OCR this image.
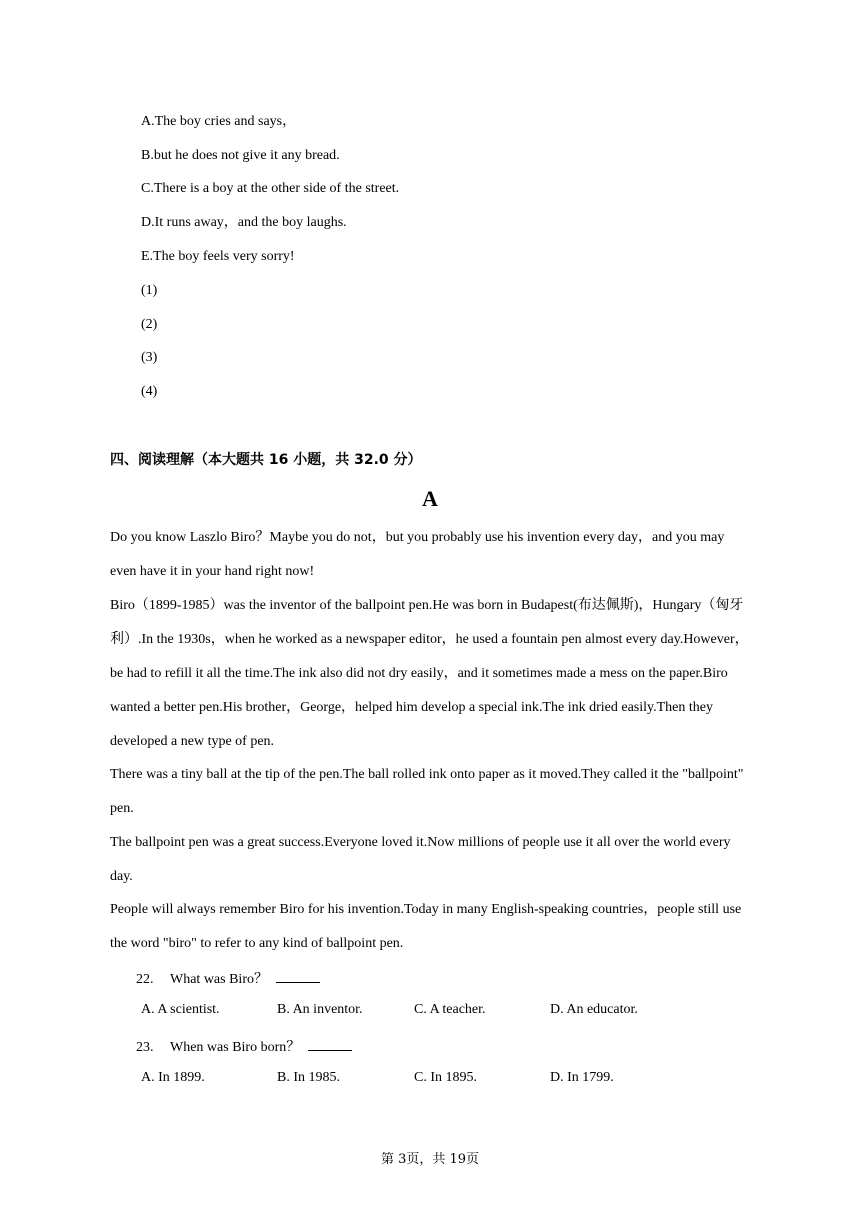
A.The boy cries and says，
B.but he does not give it any bread.
C.There is a boy at the other side of the street.
D.It runs away，and the boy laughs.
E.The boy feels very sorry!
(1)
(2)
(3)
(4)
四、阅读理解（本大题共 16 小题，共 32.0 分）
A
Do you know Laszlo Biro？Maybe you do not，but you probably use his invention every day，and you may even have it in your hand right now!
Biro（1899-1985）was the inventor of the ballpoint pen.He was born in Budapest(布达佩斯)，Hungary（匈牙利）.In the 1930s，when he worked as a newspaper editor，he used a fountain pen almost every day.However，be had to refill it all the time.The ink also did not dry easily，and it sometimes made a mess on the paper.Biro wanted a better pen.His brother，George，helped him develop a special ink.The ink dried easily.Then they developed a new type of pen.
There was a tiny ball at the tip of the pen.The ball rolled ink onto paper as it moved.They called it the "ballpoint" pen.
The ballpoint pen was a great success.Everyone loved it.Now millions of people use it all over the world every day.
People will always remember Biro for his invention.Today in many English-speaking countries，people still use the word "biro" to refer to any kind of ballpoint pen.
22. What was Biro？
A. A scientist.	B. An inventor.	C. A teacher.	D. An educator.
23. When was Biro born？
A. In 1899.	B. In 1985.	C. In 1895.	D. In 1799.
第 3页，共 19页
